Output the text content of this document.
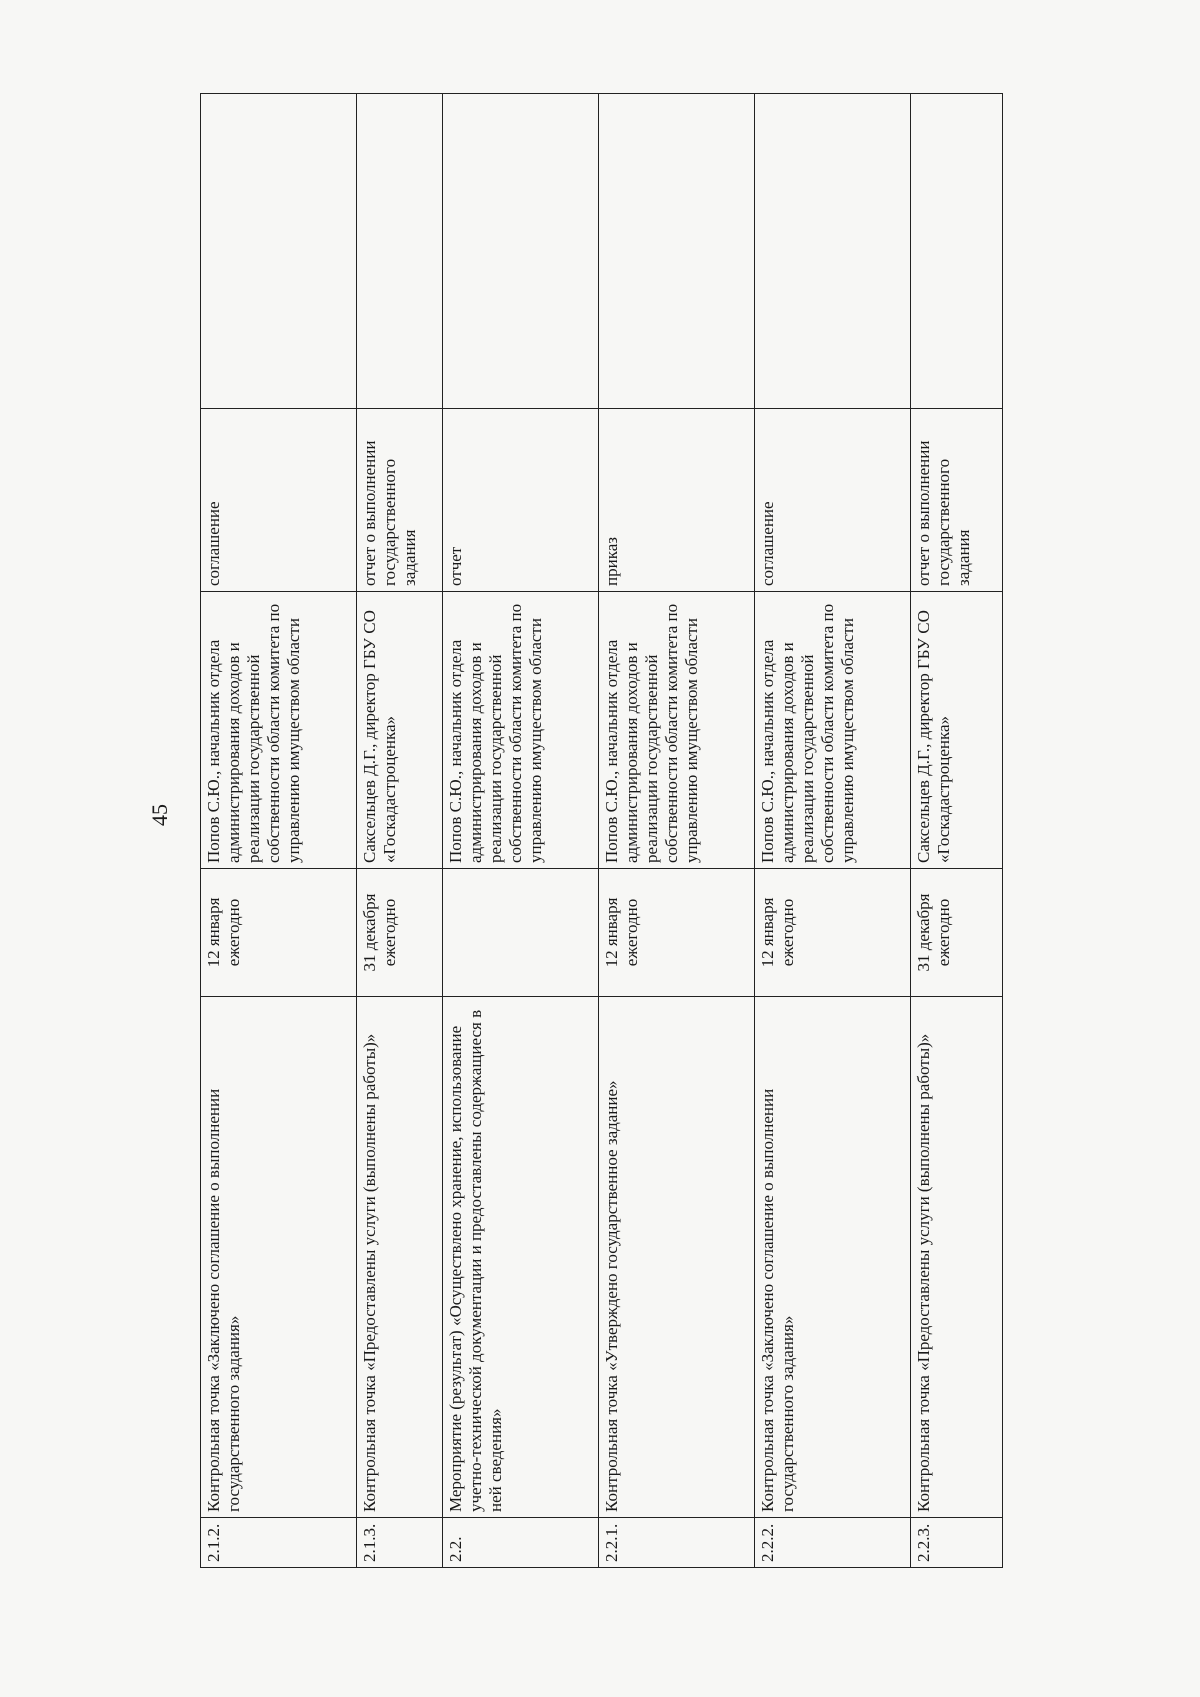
45
2.1.2.	Контрольная точка «Заключено соглашение о выполнении государственного задания»	12 января ежегодно	Попов С.Ю., начальник отдела администрирования доходов и реализации государственной собственности области комитета по управлению имуществом области	соглашение	
2.1.3.	Контрольная точка «Предоставлены услуги (выполнены работы)»	31 декабря ежегодно	Саксельцев Д.Г., директор ГБУ СО «Госкадастроценка»	отчет о выполнении государственного задания	
2.2.	Мероприятие (результат) «Осуществлено хранение, использование учетно-технической документации и предоставлены содержащиеся в ней сведения»		Попов С.Ю., начальник отдела администрирования доходов и реализации государственной собственности области комитета по управлению имуществом области	отчет	
2.2.1.	Контрольная точка «Утверждено государственное задание»	12 января ежегодно	Попов С.Ю., начальник отдела администрирования доходов и реализации государственной собственности области комитета по управлению имуществом области	приказ	
2.2.2.	Контрольная точка «Заключено соглашение о выполнении государственного задания»	12 января ежегодно	Попов С.Ю., начальник отдела администрирования доходов и реализации государственной собственности области комитета по управлению имуществом области	соглашение	
2.2.3.	Контрольная точка «Предоставлены услуги (выполнены работы)»	31 декабря ежегодно	Саксельцев Д.Г., директор ГБУ СО «Госкадастроценка»	отчет о выполнении государственного задания	
